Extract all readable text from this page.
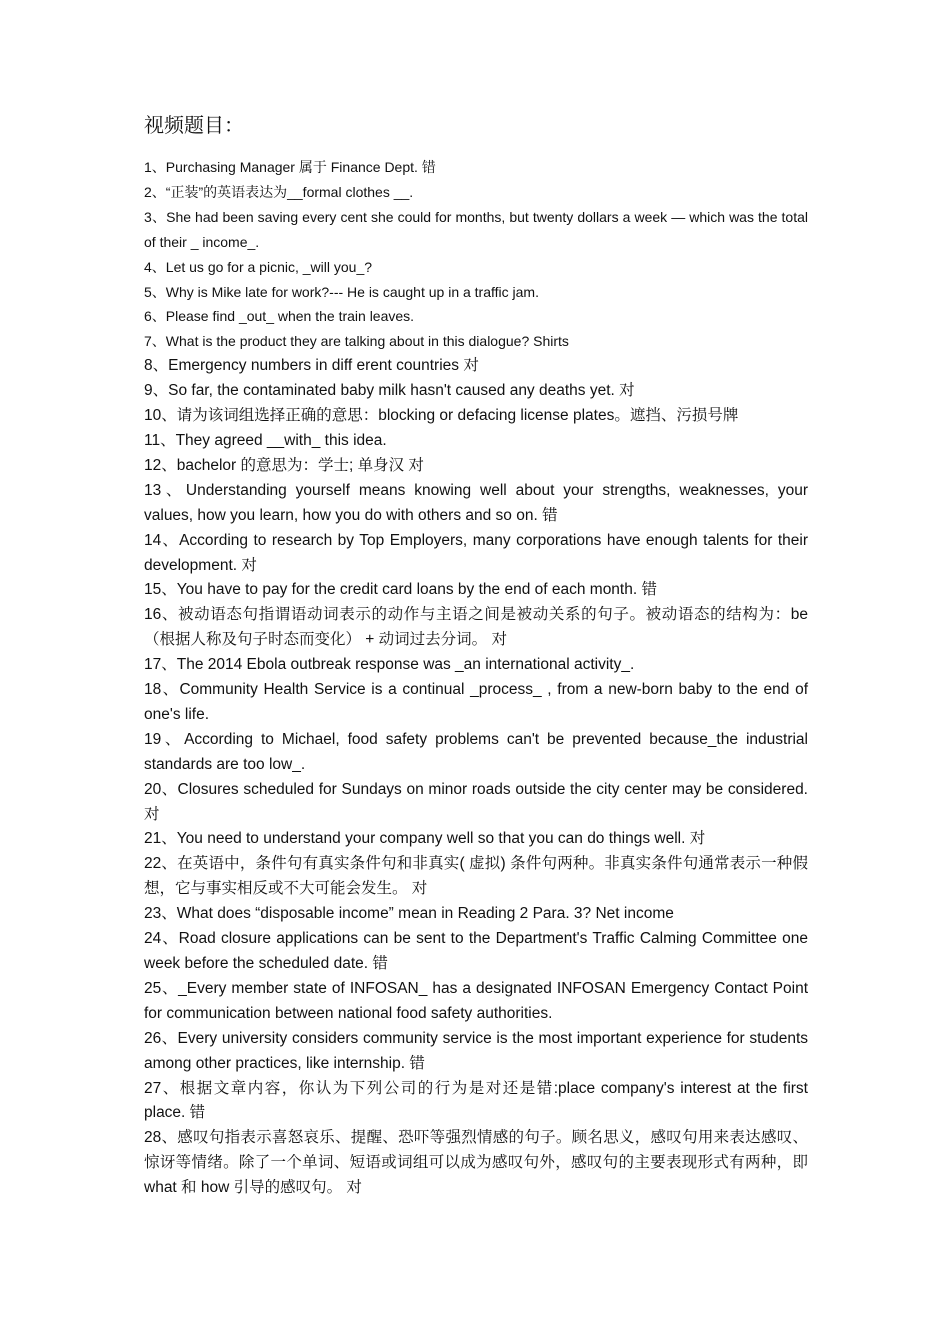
视频题目：
1、Purchasing Manager 属于 Finance Dept. 错
2、“正装”的英语表达为__formal clothes __.
3、She had been saving every cent she could for months, but twenty dollars a week — which was the total of their _ income_.
4、Let us go for a picnic, _will you_?
5、Why is Mike late for work?--- He is caught up in a traffic jam.
6、Please find _out_ when the train leaves.
7、What is the product they are talking about in this dialogue? Shirts
8、Emergency numbers in diff erent countries 对
9、So far, the contaminated baby milk hasn't caused any deaths yet. 对
10、请为该词组选择正确的意思：blocking or defacing license plates。遮挡、污损号牌
11、They agreed __with_ this idea.
12、bachelor 的意思为：学士; 单身汉 对
13、Understanding yourself means knowing well about your strengths, weaknesses, your values, how you learn, how you do with others and so on. 错
14、According to research by Top Employers, many corporations have enough talents for their development. 对
15、You have to pay for the credit card loans by the end of each month. 错
16、被动语态句指谓语动词表示的动作与主语之间是被动关系的句子。被动语态的结构为：be（根据人称及句子时态而变化） + 动词过去分词。 对
17、The 2014 Ebola outbreak response was _an international activity_.
18、Community Health Service is a continual _process_ , from a new-born baby to the end of one's life.
19、According to Michael, food safety problems can't be prevented because_the industrial standards are too low_.
20、Closures scheduled for Sundays on minor roads outside the city center may be considered. 对
21、You need to understand your company well so that you can do things well. 对
22、在英语中，条件句有真实条件句和非真实( 虚拟) 条件句两种。非真实条件句通常表示一种假想，它与事实相反或不大可能会发生。 对
23、What does “disposable income” mean in Reading 2 Para. 3? Net income
24、Road closure applications can be sent to the Department's Traffic Calming Committee one week before the scheduled date. 错
25、_Every member state of INFOSAN_ has a designated INFOSAN Emergency Contact Point for communication between national food safety authorities.
26、Every university considers community service is the most important experience for students among other practices, like internship. 错
27、根据文章内容，你认为下列公司的行为是对还是错:place company's interest at the first place. 错
28、感叹句指表示喜怒哀乐、提醒、恐吓等强烈情感的句子。顾名思义，感叹句用来表达感叹、惊讶等情绪。除了一个单词、短语或词组可以成为感叹句外，感叹句的主要表现形式有两种，即 what 和 how 引导的感叹句。 对
